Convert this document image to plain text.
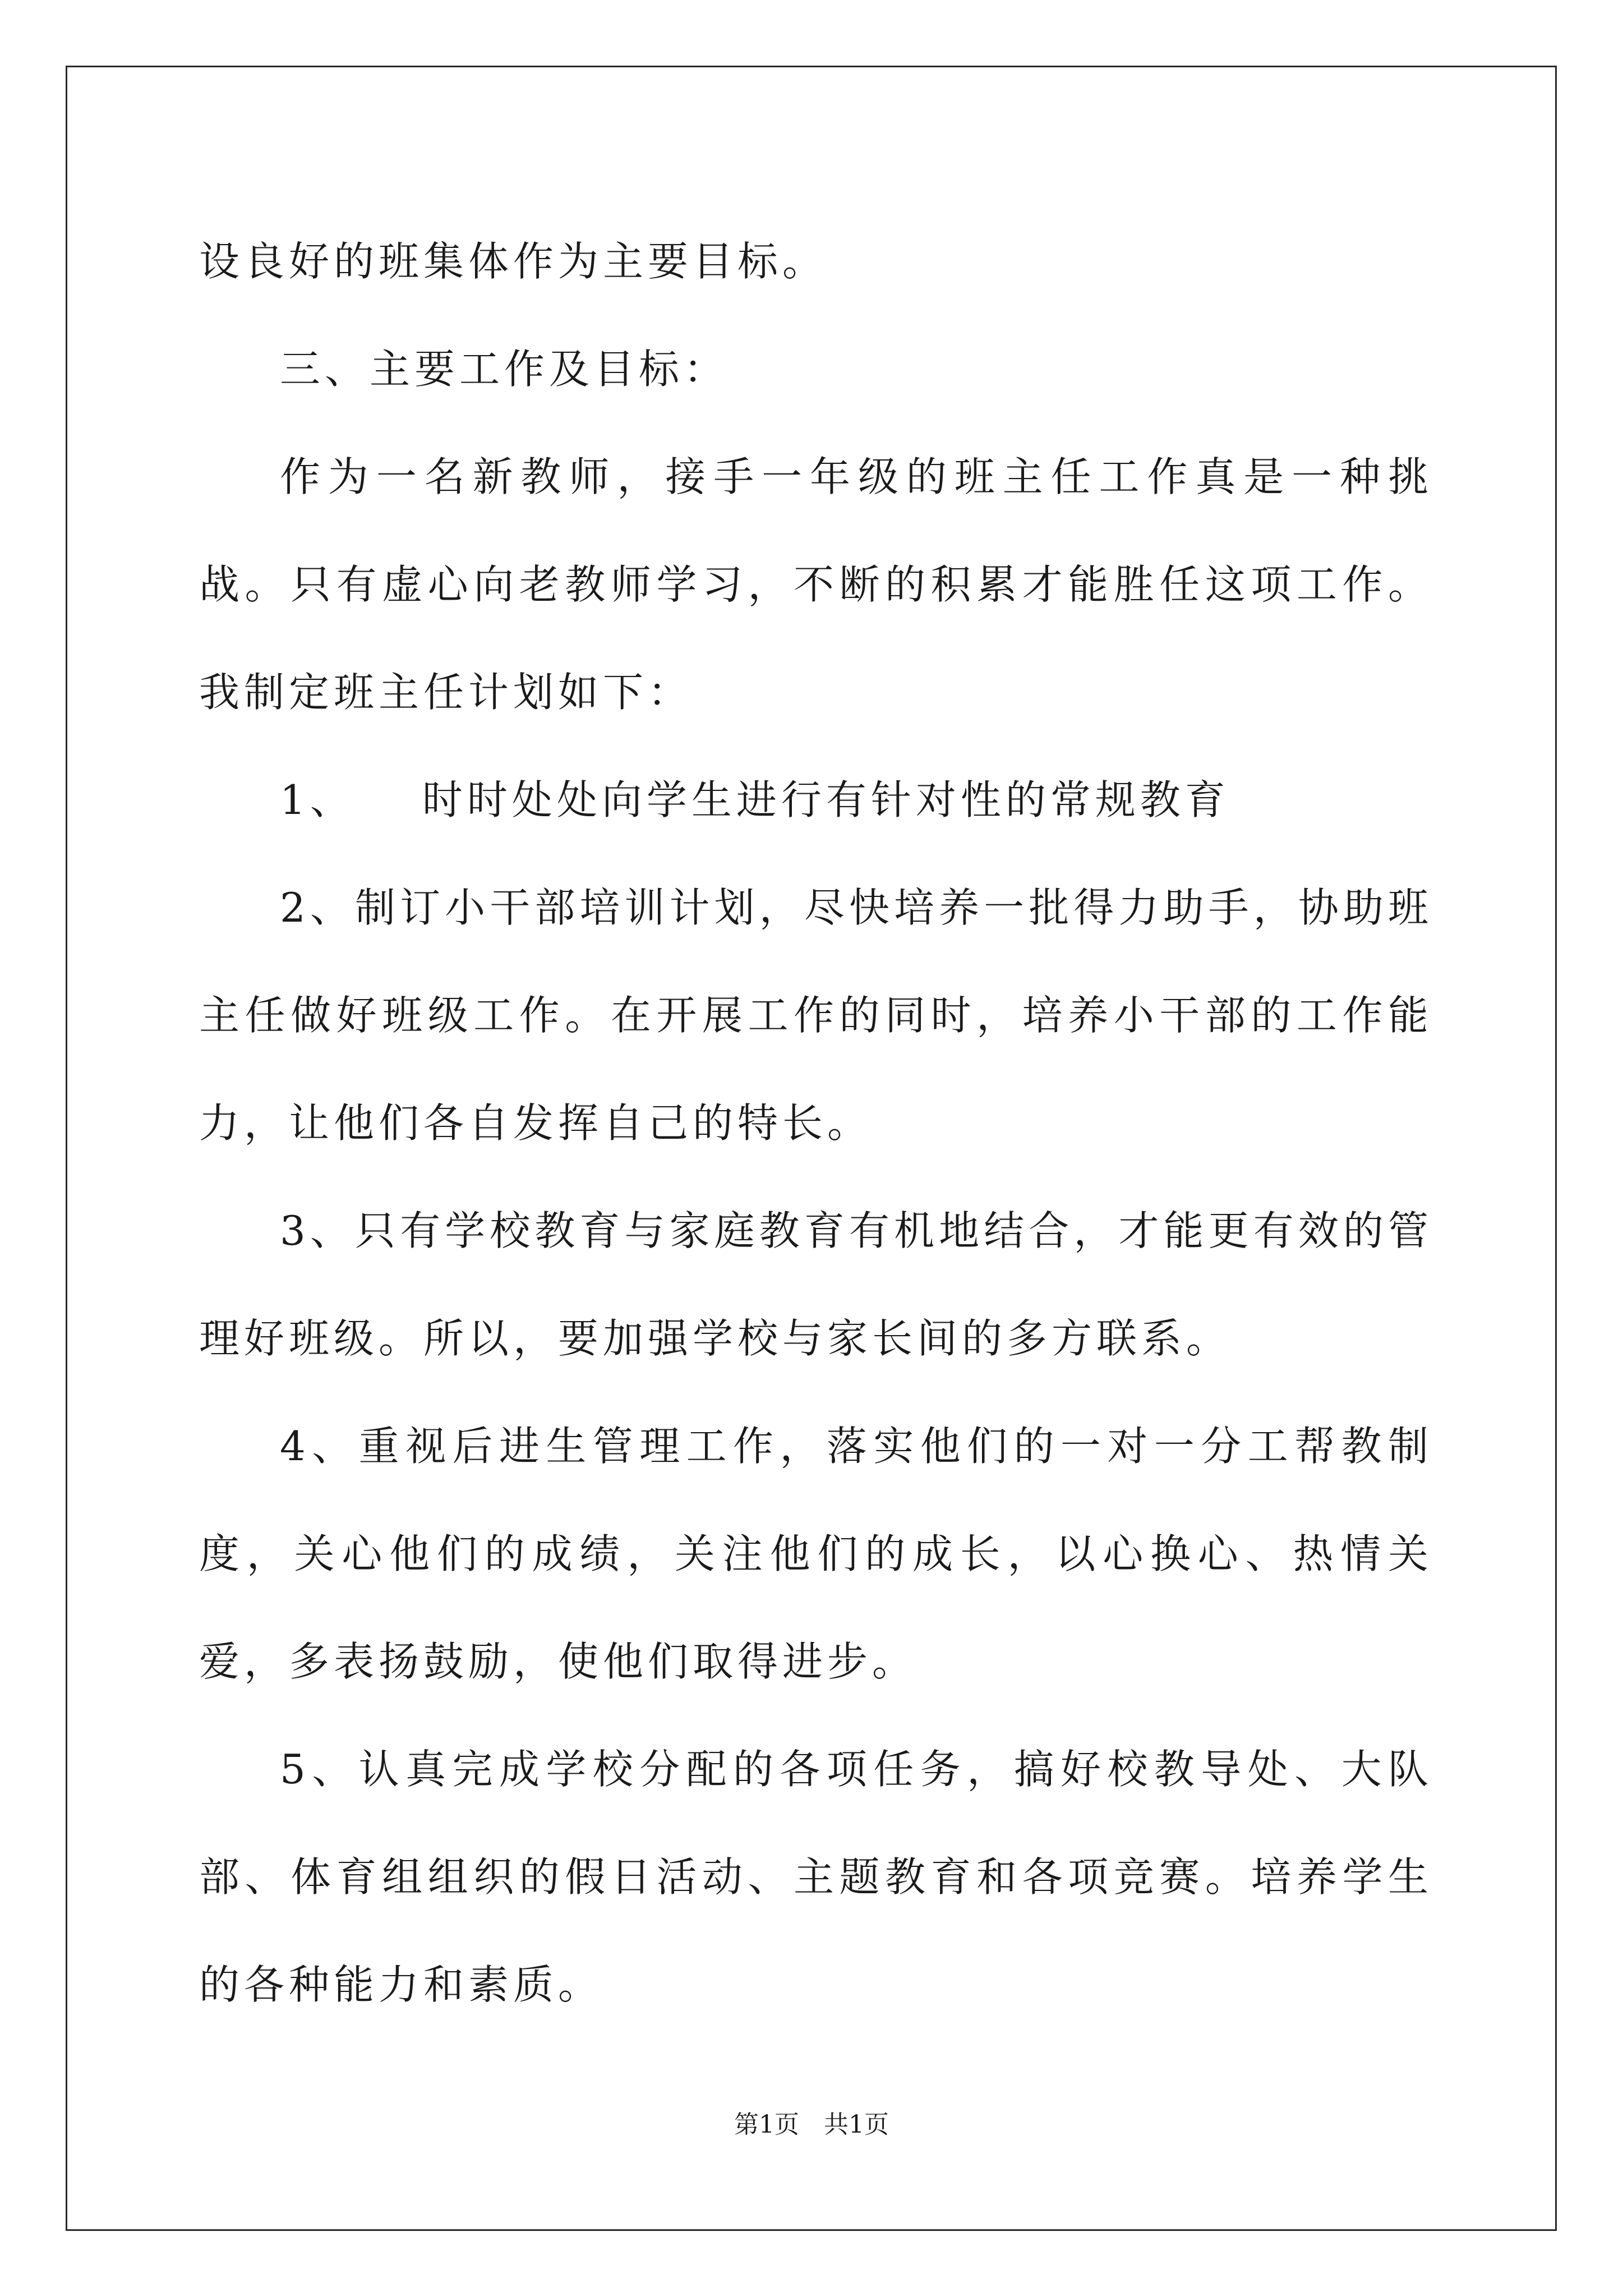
设良好的班集体作为主要目标。

三、主要工作及目标：

作为一名新教师，接手一年级的班主任工作真是一种挑战。只有虚心向老教师学习，不断的积累才能胜任这项工作。我制定班主任计划如下：

1、 时时处处向学生进行有针对性的常规教育

2、制订小干部培训计划，尽快培养一批得力助手，协助班主任做好班级工作。在开展工作的同时，培养小干部的工作能力，让他们各自发挥自己的特长。

3、只有学校教育与家庭教育有机地结合，才能更有效的管理好班级。所以，要加强学校与家长间的多方联系。

4、重视后进生管理工作，落实他们的一对一分工帮教制度，关心他们的成绩，关注他们的成长，以心换心、热情关爱，多表扬鼓励，使他们取得进步。

5、认真完成学校分配的各项任务，搞好校教导处、大队部、体育组组织的假日活动、主题教育和各项竞赛。培养学生的各种能力和素质。

第1页 共1页
